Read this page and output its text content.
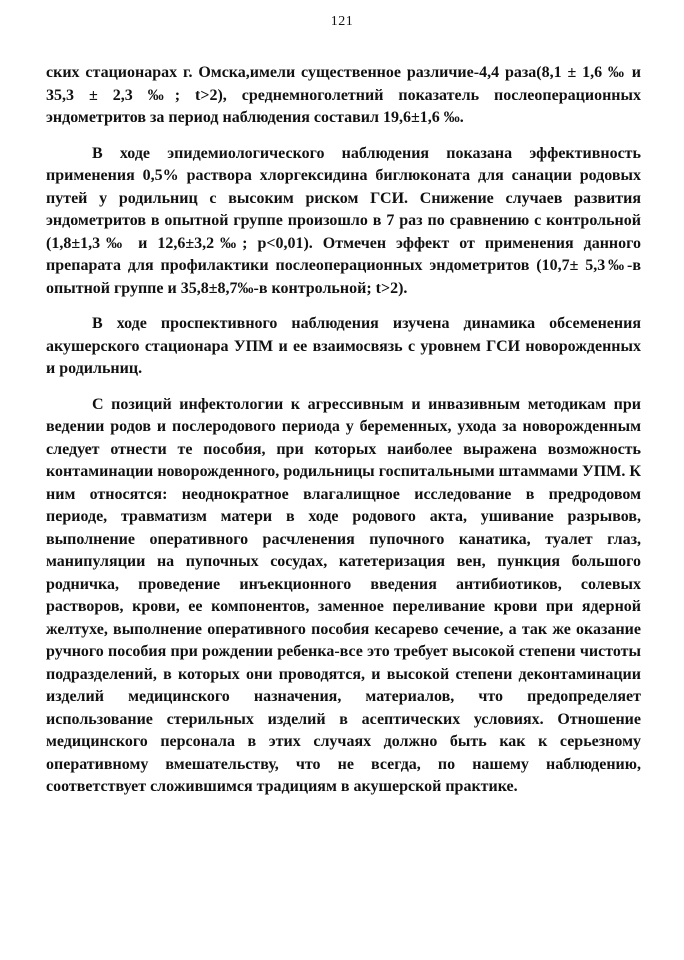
121

ских стационарах г. Омска,имели существенное различие-4,4 раза(8,1 ± 1,6 ‰ и 35,3 ± 2,3 ‰; t>2), среднемноголетний показатель послеоперационных эндометритов за период наблюдения составил 19,6±1,6 ‰.

В ходе эпидемиологического наблюдения показана эффективность применения 0,5% раствора хлоргексидина биглюконата для санации родовых путей у родильниц с высоким риском ГСИ. Снижение случаев развития эндометритов в опытной группе произошло в 7 раз по сравнению с контрольной (1,8±1,3‰ и 12,6±3,2‰; p<0,01). Отмечен эффект от применения данного препарата для профилактики послеоперационных эндометритов (10,7± 5,3‰-в опытной группе и 35,8±8,7‰-в контрольной; t>2).

В ходе проспективного наблюдения изучена динамика обсеменения акушерского стационара УПМ и ее взаимосвязь с уровнем ГСИ новорожденных и родильниц.

С позиций инфектологии к агрессивным и инвазивным методикам при ведении родов и послеродового периода у беременных, ухода за новорожденным следует отнести те пособия, при которых наиболее выражена возможность контаминации новорожденного, родильницы госпитальными штаммами УПМ. К ним относятся: неоднократное влагалищное исследование в предродовом периоде, травматизм матери в ходе родового акта, ушивание разрывов, выполнение оперативного расчленения пупочного канатика, туалет глаз, манипуляции на пупочных сосудах, катетеризация вен, пункция большого родничка, проведение инъекционного введения антибиотиков, солевых растворов, крови, ее компонентов, заменное переливание крови при ядерной желтухе, выполнение оперативного пособия кесарево сечение, а так же оказание ручного пособия при рождении ребенка-все это требует высокой степени чистоты подразделений, в которых они проводятся, и высокой степени деконтаминации изделий медицинского назначения, материалов, что предопределяет использование стерильных изделий в асептических условиях. Отношение медицинского персонала в этих случаях должно быть как к серьезному оперативному вмешательству, что не всегда, по нашему наблюдению, соответствует сложившимся традициям в акушерской практике.
